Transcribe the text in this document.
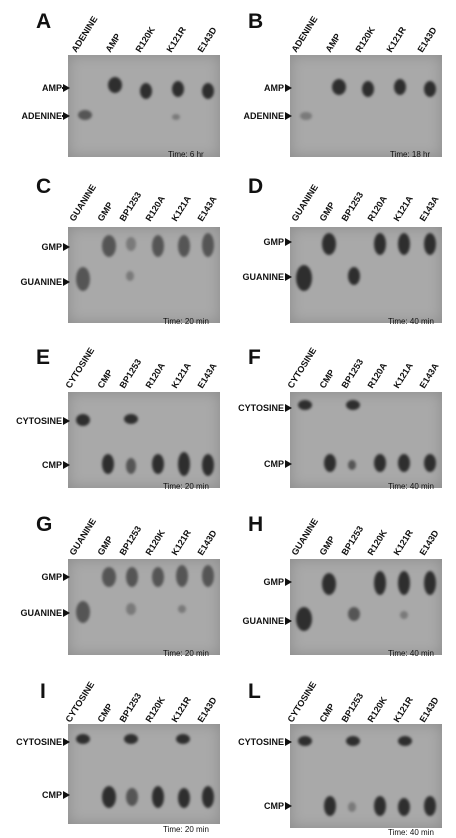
A ADENINE AMP R120K K121R E143D
AMP
ADENINE
Time: 6 hr
B	ADENINE AMP R120K K121R E143D
AMP
ADENINE
Time: 18 hr
C GUANINE
GMP BP1253 R120A K121A E143A
GMP
GUANINE
Time: 20 min
D	GUANINE
GMP BP1253 R120A K121A E143A
GMP
GUANINE
Time: 40 min
E CYTOSINE CMP BP1253 R120A K121A E143A
CYTOSINE
CMP
Time: 20 min
F	CYTOSINE CMP BP1253 R120A K121A E143A
CYTOSINE
CMP
Time: 40 min
G GUANINE
GMP BP1253 R120K K121R E143D
GMP
GUANINE
Time: 20 min
H	GUANINE
GMP BP1253 R120K K121R E143D
GMP
GUANINE
Time: 40 min
I CYTOSINE CMP BP1253 R120K K121R E143D
CYTOSINE
CMP
Time: 20 min
L	CYTOSINE CMP BP1253 R120K K121R E143D
CYTOSINE
CMP
Time: 40 min
